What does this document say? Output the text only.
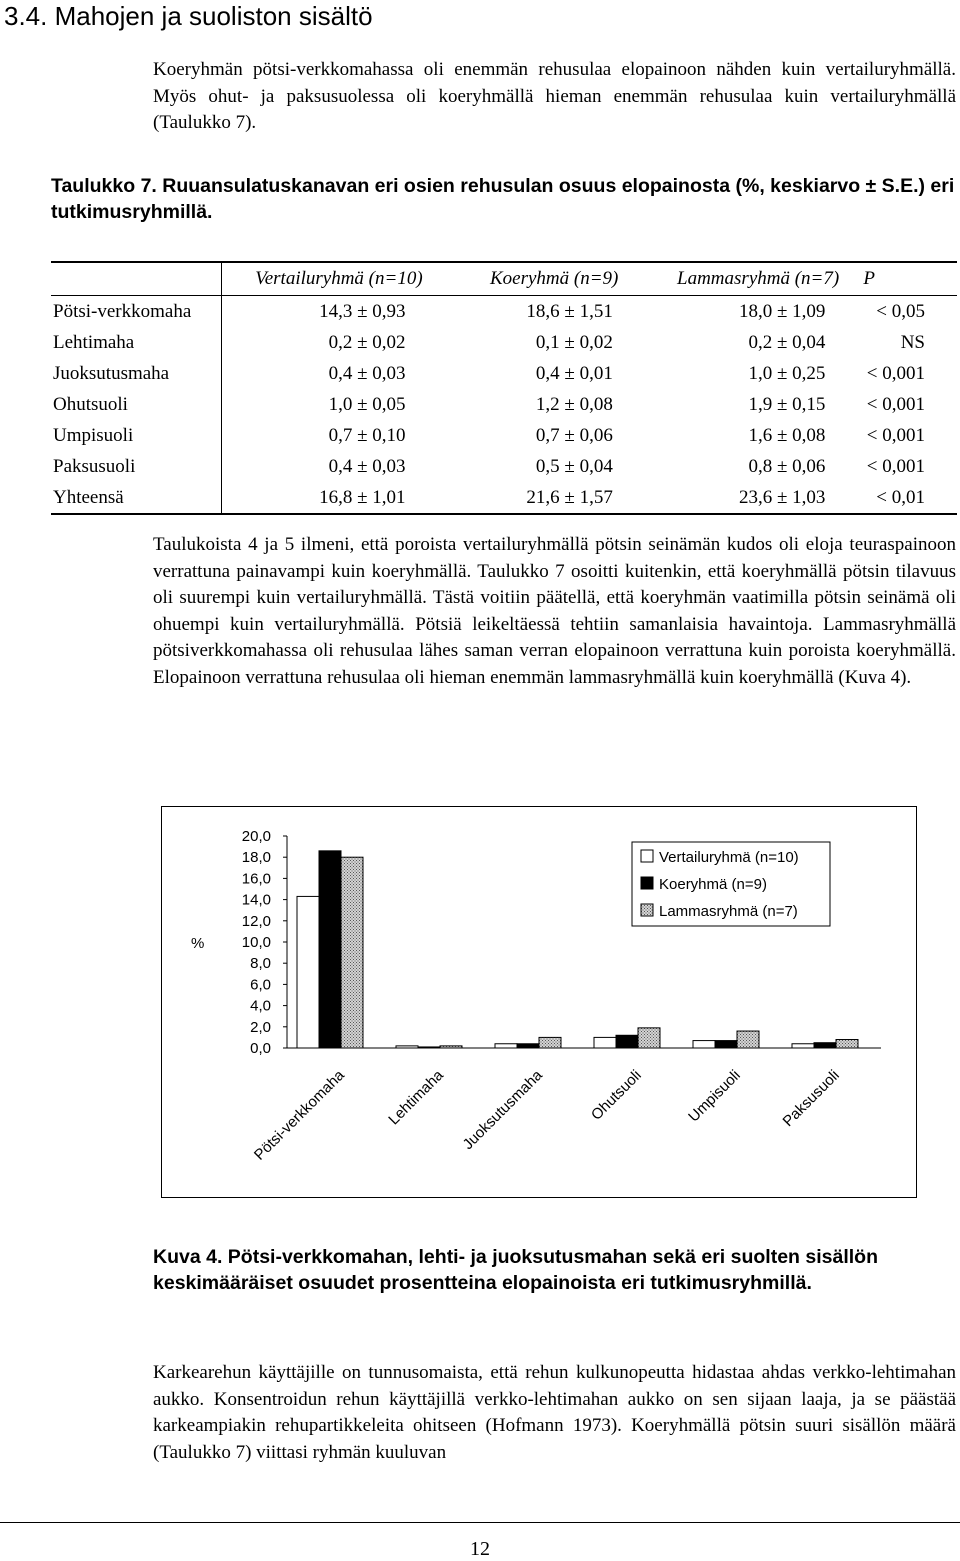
3.4. Mahojen ja suoliston sisältö

Koeryhmän pötsi-verkkomahassa oli enemmän rehusulaa elopainoon nähden kuin vertailuryhmällä. Myös ohut- ja paksusuolessa oli koeryhmällä hieman enemmän rehusulaa kuin vertailuryhmällä (Taulukko 7).

Taulukko 7. Ruuansulatuskanavan eri osien rehusulan osuus elopainosta (%, keskiarvo ± S.E.) eri tutkimusryhmillä.

	Vertailuryhmä (n=10)	Koeryhmä (n=9)	Lammasryhmä (n=7)	P
Pötsi-verkkomaha	14,3 ± 0,93	18,6 ± 1,51	18,0 ± 1,09	< 0,05
Lehtimaha	0,2 ± 0,02	0,1 ± 0,02	0,2 ± 0,04	NS
Juoksutusmaha	0,4 ± 0,03	0,4 ± 0,01	1,0 ± 0,25	< 0,001
Ohutsuoli	1,0 ± 0,05	1,2 ± 0,08	1,9 ± 0,15	< 0,001
Umpisuoli	0,7 ± 0,10	0,7 ± 0,06	1,6 ± 0,08	< 0,001
Paksusuoli	0,4 ± 0,03	0,5 ± 0,04	0,8 ± 0,06	< 0,001
Yhteensä	16,8 ± 1,01	21,6 ± 1,57	23,6 ± 1,03	< 0,01

Taulukoista 4 ja 5 ilmeni, että poroista vertailuryhmällä pötsin seinämän kudos oli eloja teuraspainoon verrattuna painavampi kuin koeryhmällä. Taulukko 7 osoitti kuitenkin, että koeryhmällä pötsin tilavuus oli suurempi kuin vertailuryhmällä. Tästä voitiin päätellä, että koeryhmän vaatimilla pötsin seinämä oli ohuempi kuin vertailuryhmällä. Pötsiä leikeltäessä tehtiin samanlaisia havaintoja. Lammasryhmällä pötsiverkkomahassa oli rehusulaa lähes saman verran elopainoon verrattuna kuin poroista koeryhmällä. Elopainoon verrattuna rehusulaa oli hieman enemmän lammasryhmällä kuin koeryhmällä (Kuva 4).

0,0
2,0
4,0
6,0
8,0
10,0
12,0
14,0
16,0
18,0
20,0
%
Pötsi-verkkomaha Lehtimaha Juoksutusmaha	Ohutsuoli	Umpisuoli Paksusuoli
Vertailuryhmä (n=10)
Koeryhmä (n=9)
Lammasryhmä (n=7)

Kuva 4. Pötsi-verkkomahan, lehti- ja juoksutusmahan sekä eri suolten sisällön keskimääräiset osuudet prosentteina elopainoista eri tutkimusryhmillä.

Karkearehun käyttäjille on tunnusomaista, että rehun kulkunopeutta hidastaa ahdas verkko-lehtimahan aukko. Konsentroidun rehun käyttäjillä verkko-lehtimahan aukko on sen sijaan laaja, ja se päästää karkeampiakin rehupartikkeleita ohitseen (Hofmann 1973). Koeryhmällä pötsin suuri sisällön määrä (Taulukko 7) viittasi ryhmän kuuluvan

12
